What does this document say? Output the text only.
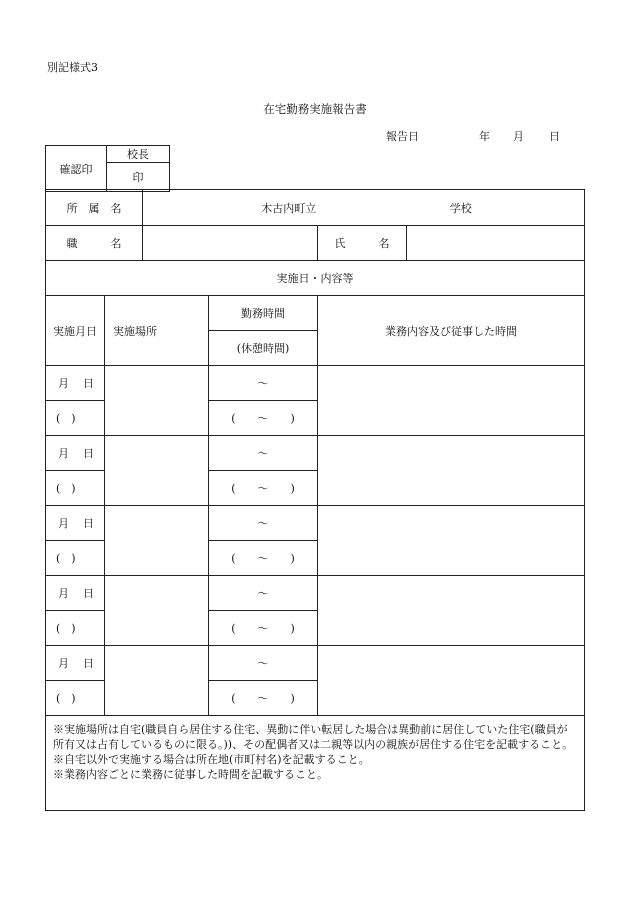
別記様式3
在宅勤務実施報告書
報告日	年 月 日
確認印	校長
印
所　属　名		木古内町立 学校			
職　　　名				氏　　　名	
実施日・内容等					
実施月日	実施場所		勤務時間	業務内容及び従事した時間	
			(休憩時間)		
月 日			〜		
(　)			(　　〜　　)		
月 日			〜		
(　)			(　　〜　　)		
月 日			〜		
(　)			(　　〜　　)		
月 日			〜		
(　)			(　　〜　　)		
月 日			〜		
(　)			(　　〜　　)		

※実施場所は自宅(職員自ら居住する住宅、異動に伴い転居した場合は異動前に居住していた住宅(職員が所有又は占有しているものに限る。))、その配偶者又は二親等以内の親族が居住する住宅を記載すること。
※自宅以外で実施する場合は所在地(市町村名)を記載すること。
※業務内容ごとに業務に従事した時間を記載すること。					
